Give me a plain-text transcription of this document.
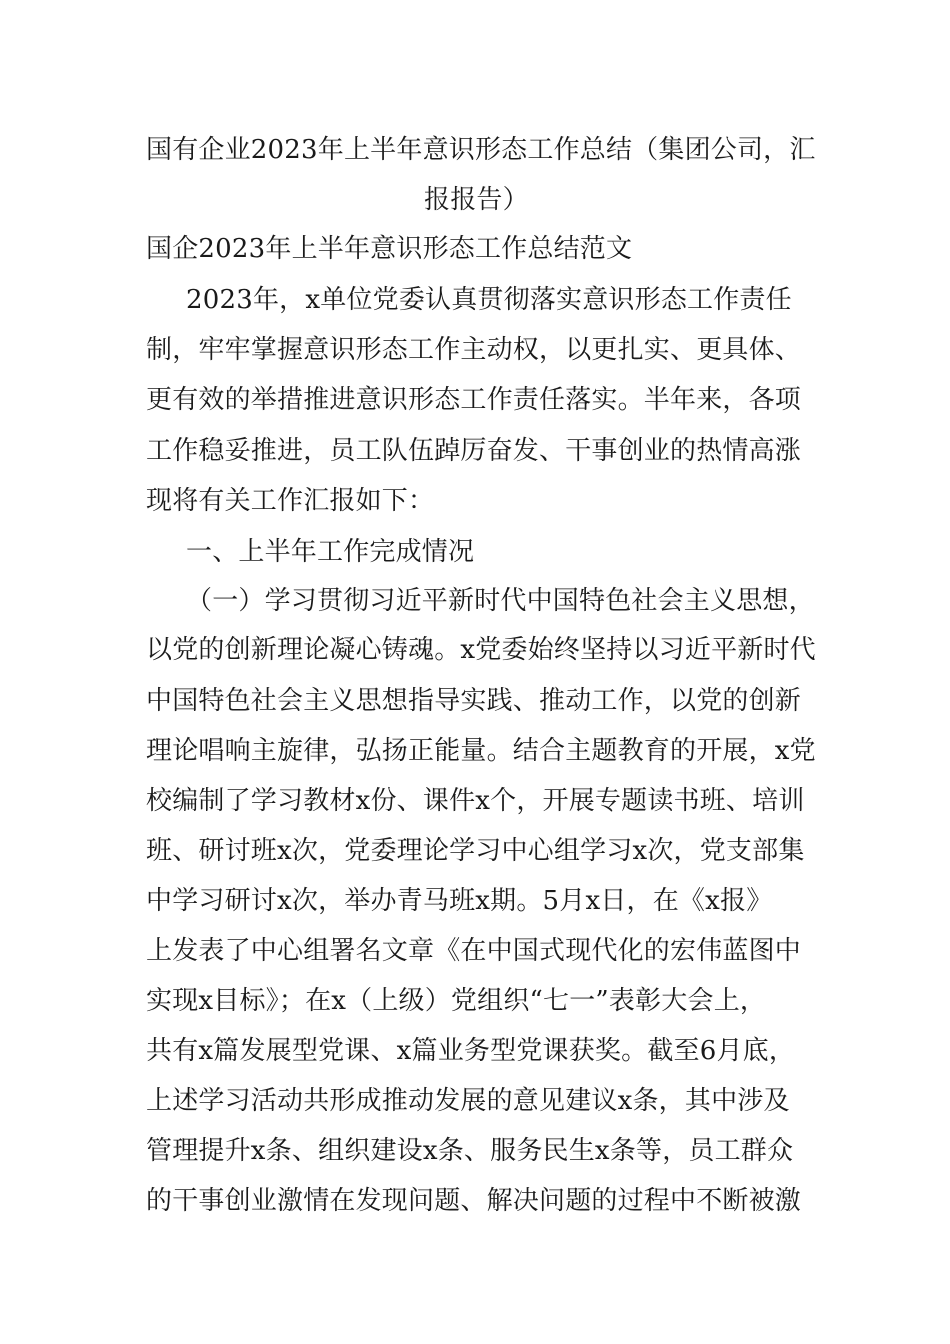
国有企业2023年上半年意识形态工作总结（集团公司，汇
报报告）
国企2023年上半年意识形态工作总结范文
2023年，x单位党委认真贯彻落实意识形态工作责任
制，牢牢掌握意识形态工作主动权，以更扎实、更具体、
更有效的举措推进意识形态工作责任落实。半年来，各项
工作稳妥推进，员工队伍踔厉奋发、干事创业的热情高涨
现将有关工作汇报如下：
一、上半年工作完成情况
（一）学习贯彻习近平新时代中国特色社会主义思想，
以党的创新理论凝心铸魂。x党委始终坚持以习近平新时代
中国特色社会主义思想指导实践、推动工作，以党的创新
理论唱响主旋律，弘扬正能量。结合主题教育的开展，x党
校编制了学习教材x份、课件x个，开展专题读书班、培训
班、研讨班x次，党委理论学习中心组学习x次，党支部集
中学习研讨x次，举办青马班x期。5月x日，在《x报》
上发表了中心组署名文章《在中国式现代化的宏伟蓝图中
实现x目标》；在x（上级）党组织“七一”表彰大会上，
共有x篇发展型党课、x篇业务型党课获奖。截至6月底，
上述学习活动共形成推动发展的意见建议x条，其中涉及
管理提升x条、组织建设x条、服务民生x条等，员工群众
的干事创业激情在发现问题、解决问题的过程中不断被激
